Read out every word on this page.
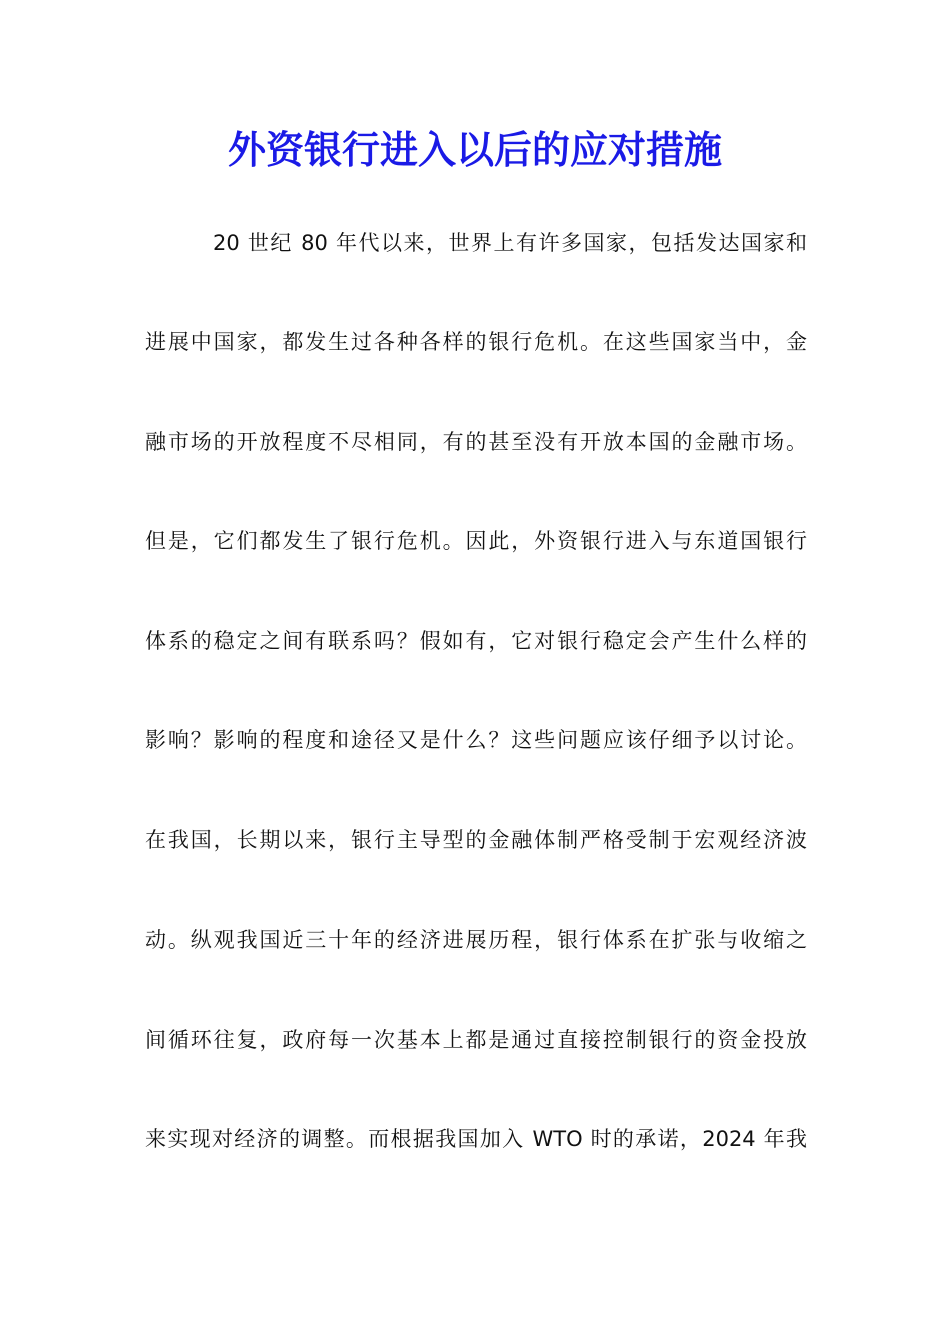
外资银行进入以后的应对措施

20 世纪 80 年代以来，世界上有许多国家，包括发达国家和

进展中国家，都发生过各种各样的银行危机。在这些国家当中，金

融市场的开放程度不尽相同，有的甚至没有开放本国的金融市场。

但是，它们都发生了银行危机。因此，外资银行进入与东道国银行

体系的稳定之间有联系吗？假如有，它对银行稳定会产生什么样的

影响？影响的程度和途径又是什么？这些问题应该仔细予以讨论。

在我国，长期以来，银行主导型的金融体制严格受制于宏观经济波

动。纵观我国近三十年的经济进展历程，银行体系在扩张与收缩之

间循环往复，政府每一次基本上都是通过直接控制银行的资金投放

来实现对经济的调整。而根据我国加入 WTO 时的承诺，2024 年我
